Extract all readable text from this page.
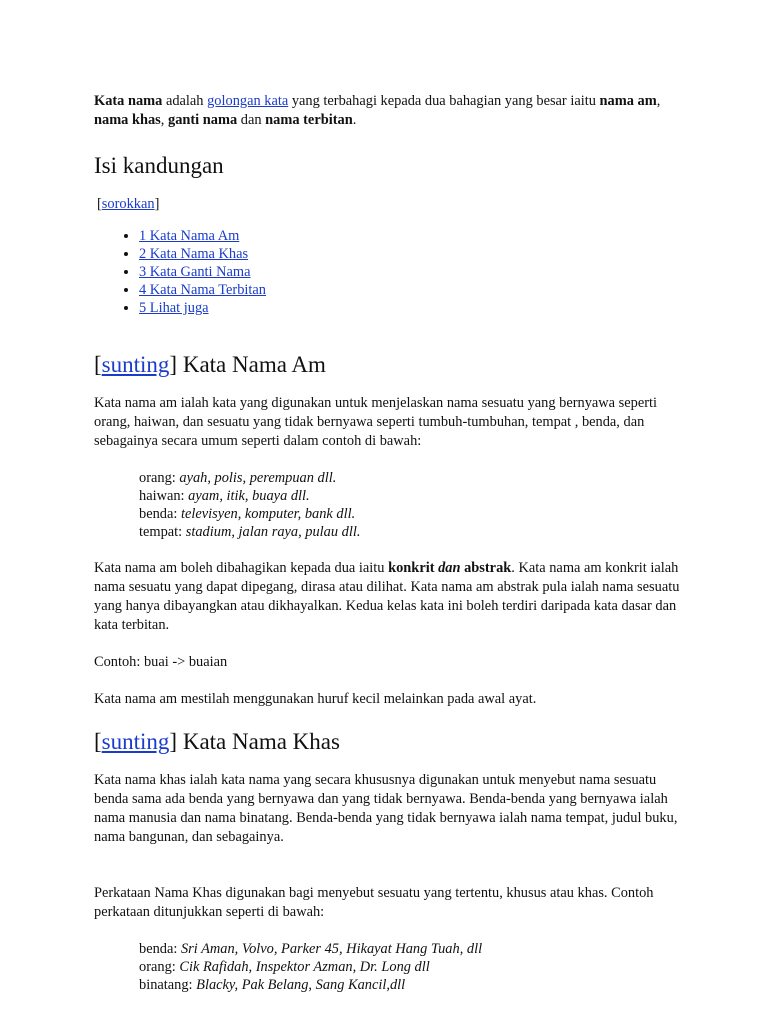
Kata nama adalah golongan kata yang terbahagi kepada dua bahagian yang besar iaitu nama am, nama khas, ganti nama dan nama terbitan.

Isi kandungan

[sorokkan]

• 1 Kata Nama Am
• 2 Kata Nama Khas
• 3 Kata Ganti Nama
• 4 Kata Nama Terbitan
• 5 Lihat juga
[sunting] Kata Nama Am

Kata nama am ialah kata yang digunakan untuk menjelaskan nama sesuatu yang bernyawa seperti orang, haiwan, dan sesuatu yang tidak bernyawa seperti tumbuh-tumbuhan, tempat , benda, dan sebagainya secara umum seperti dalam contoh di bawah:

orang: ayah, polis, perempuan dll.
haiwan: ayam, itik, buaya dll.
benda: televisyen, komputer, bank dll.
tempat: stadium, jalan raya, pulau dll.

Kata nama am boleh dibahagikan kepada dua iaitu konkrit dan abstrak. Kata nama am konkrit ialah nama sesuatu yang dapat dipegang, dirasa atau dilihat. Kata nama am abstrak pula ialah nama sesuatu yang hanya dibayangkan atau dikhayalkan. Kedua kelas kata ini boleh terdiri daripada kata dasar dan kata terbitan.

Contoh: buai -> buaian

Kata nama am mestilah menggunakan huruf kecil melainkan pada awal ayat.

[sunting] Kata Nama Khas

Kata nama khas ialah kata nama yang secara khususnya digunakan untuk menyebut nama sesuatu benda sama ada benda yang bernyawa dan yang tidak bernyawa. Benda-benda yang bernyawa ialah nama manusia dan nama binatang. Benda-benda yang tidak bernyawa ialah nama tempat, judul buku, nama bangunan, dan sebagainya.

Perkataan Nama Khas digunakan bagi menyebut sesuatu yang tertentu, khusus atau khas. Contoh perkataan ditunjukkan seperti di bawah:

benda: Sri Aman, Volvo, Parker 45, Hikayat Hang Tuah, dll
orang: Cik Rafidah, Inspektor Azman, Dr. Long dll
binatang: Blacky, Pak Belang, Sang Kancil,dll
